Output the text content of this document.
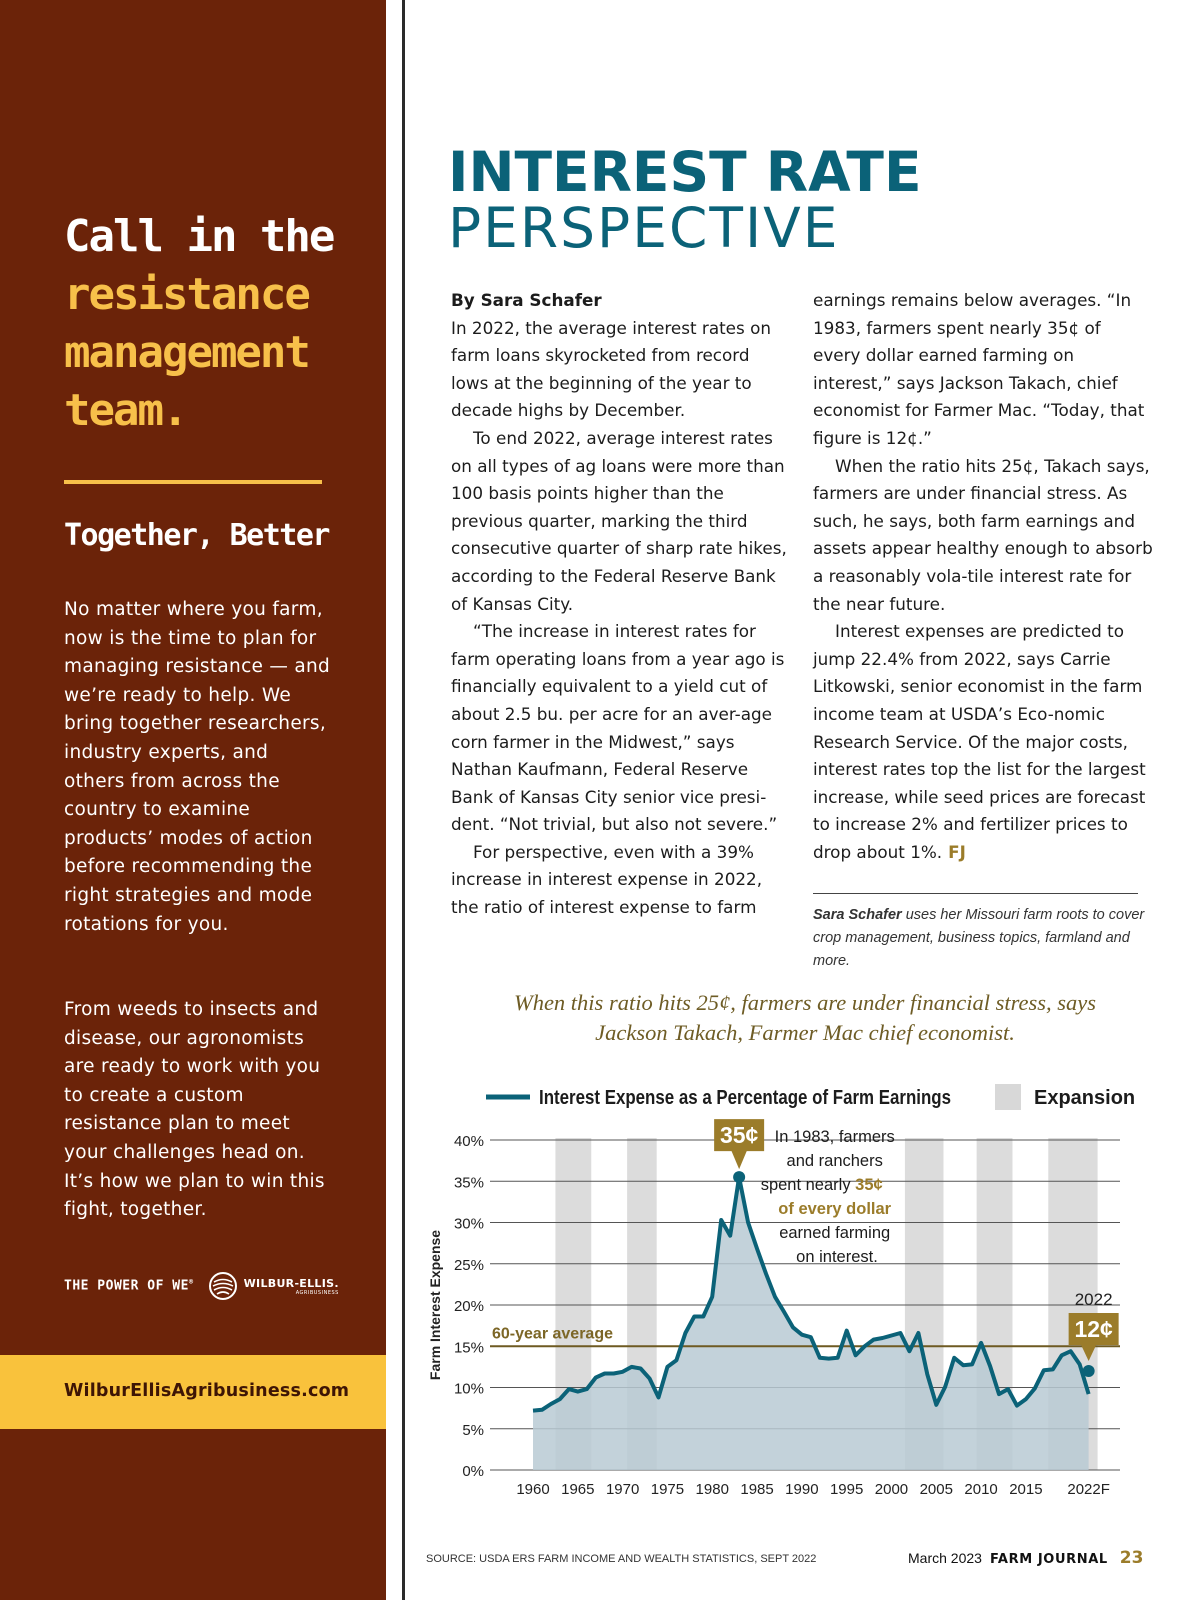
Call in the
resistance
management
team.
Together, Better
No matter where you farm, now is the time to plan for managing resistance — and we’re ready to help. We bring together researchers, industry experts, and others from across the country to examine products’ modes of action before recommending the right strategies and mode rotations for you.
From weeds to insects and disease, our agronomists are ready to work with you to create a custom resistance plan to meet your challenges head on. It’s how we plan to win this fight, together.
THE POWER OF WE®	WILBUR-ELLIS.
AGRIBUSINESS
WilburEllisAgribusiness.com
INTEREST RATE
PERSPECTIVE

By Sara Schafer

In 2022, the average interest rates on farm loans skyrocketed from record lows at the beginning of the year to decade highs by December.

To end 2022, average interest rates on all types of ag loans were more than 100 basis points higher than the previous quarter, marking the third consecutive quarter of sharp rate hikes, according to the Federal Reserve Bank of Kansas City.

“The increase in interest rates for farm operating loans from a year ago is financially equivalent to a yield cut of about 2.5 bu. per acre for an aver-age corn farmer in the Midwest,” says Nathan Kaufmann, Federal Reserve Bank of Kansas City senior vice presi-dent. “Not trivial, but also not severe.”

For perspective, even with a 39% increase in interest expense in 2022, the ratio of interest expense to farm

earnings remains below averages. “In 1983, farmers spent nearly 35¢ of every dollar earned farming on interest,” says Jackson Takach, chief economist for Farmer Mac. “Today, that figure is 12¢.”

When the ratio hits 25¢, Takach says, farmers are under financial stress. As such, he says, both farm earnings and assets appear healthy enough to absorb a reasonably vola-tile interest rate for the near future.

Interest expenses are predicted to jump 22.4% from 2022, says Carrie Litkowski, senior economist in the farm income team at USDA’s Eco-nomic Research Service. Of the major costs, interest rates top the list for the largest increase, while seed prices are forecast to increase 2% and fertilizer prices to drop about 1%. FJ

Sara Schafer uses her Missouri farm roots to cover crop management, business topics, farmland and more.
When this ratio hits 25¢, farmers are under financial stress, says Jackson Takach, Farmer Mac chief economist.
60-year average
0%
5%
10%
15%
20%
25%
30%
35%
40%
1960 1965 1970 1975 1980 1985 1990 1995 2000 2005 2010 2015 2022F
Farm Interest Expense
Interest Expense as a Percentage of Farm Earnings	Expansion
35¢
2022
12¢
In 1983, farmers and ranchers spent nearly 35¢ of every dollar earned farming on interest.
SOURCE: USDA ERS FARM INCOME AND WEALTH STATISTICS, SEPT 2022	March 2023 FARM JOURNAL 23
